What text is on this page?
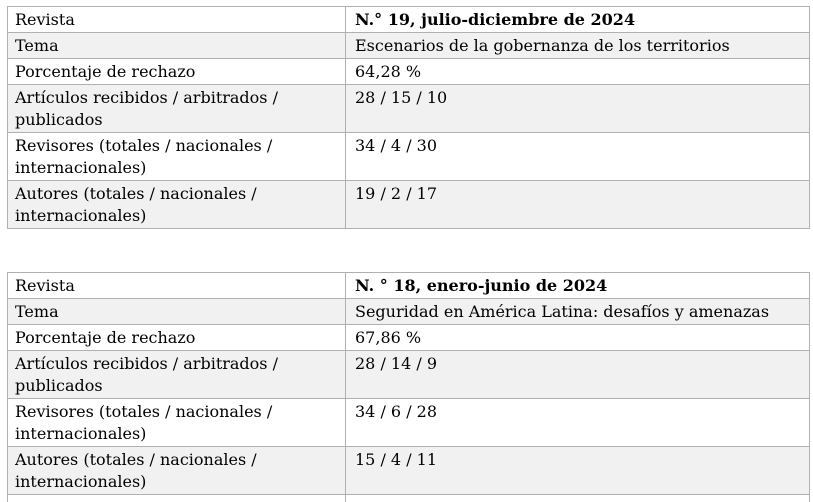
Revista	N.° 19, julio-diciembre de 2024
Tema	Escenarios de la gobernanza de los territorios
Porcentaje de rechazo	64,28 %
Artículos recibidos / arbitrados / publicados	28 / 15 / 10
Revisores (totales / nacionales / internacionales)	34 / 4 / 30
Autores (totales / nacionales / internacionales)	19 / 2 / 17
Revista	N. ° 18, enero-junio de 2024
Tema	Seguridad en América Latina: desafíos y amenazas
Porcentaje de rechazo	67,86 %
Artículos recibidos / arbitrados / publicados	28 / 14 / 9
Revisores (totales / nacionales / internacionales)	34 / 6 / 28
Autores (totales / nacionales / internacionales)	15 / 4 / 11
